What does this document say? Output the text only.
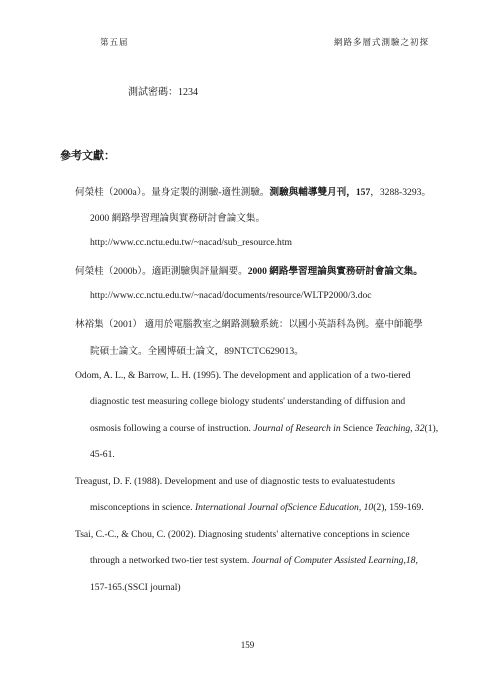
第五届	網路多層式測驗之初探
測試密碼：1234
參考文獻：
何榮桂（2000a）。量身定製的測驗-適性測驗。測驗與輔導雙月刊，157，3288-3293。
2000 網路學習理論與實務研討會論文集。
http://www.cc.nctu.edu.tw/~nacad/sub_resource.htm
何榮桂（2000b）。適距測驗與評量綱要。2000 網路學習理論與實務研討會論文集。
http://www.cc.nctu.edu.tw/~nacad/documents/resource/WLTP2000/3.doc
林裕集（2001） 適用於電腦教室之網路測驗系統：以國小英語科為例。臺中師範學
院碩士論文。全國博碩士論文，89NTCTC629013。
Odom, A. L., & Barrow, L. H. (1995). The development and application of a two-tiered
diagnostic test measuring college biology students' understanding of diffusion and
osmosis following a course of instruction. Journal of Research in Science Teaching, 32(1),
45-61.
Treagust, D. F. (1988). Development and use of diagnostic tests to evaluatestudents
misconceptions in science. International Journal ofScience Education, 10(2), 159-169.
Tsai, C.-C., & Chou, C. (2002). Diagnosing students' alternative conceptions in science
through a networked two-tier test system. Journal of Computer Assisted Learning,18,
157-165.(SSCI journal)
159
